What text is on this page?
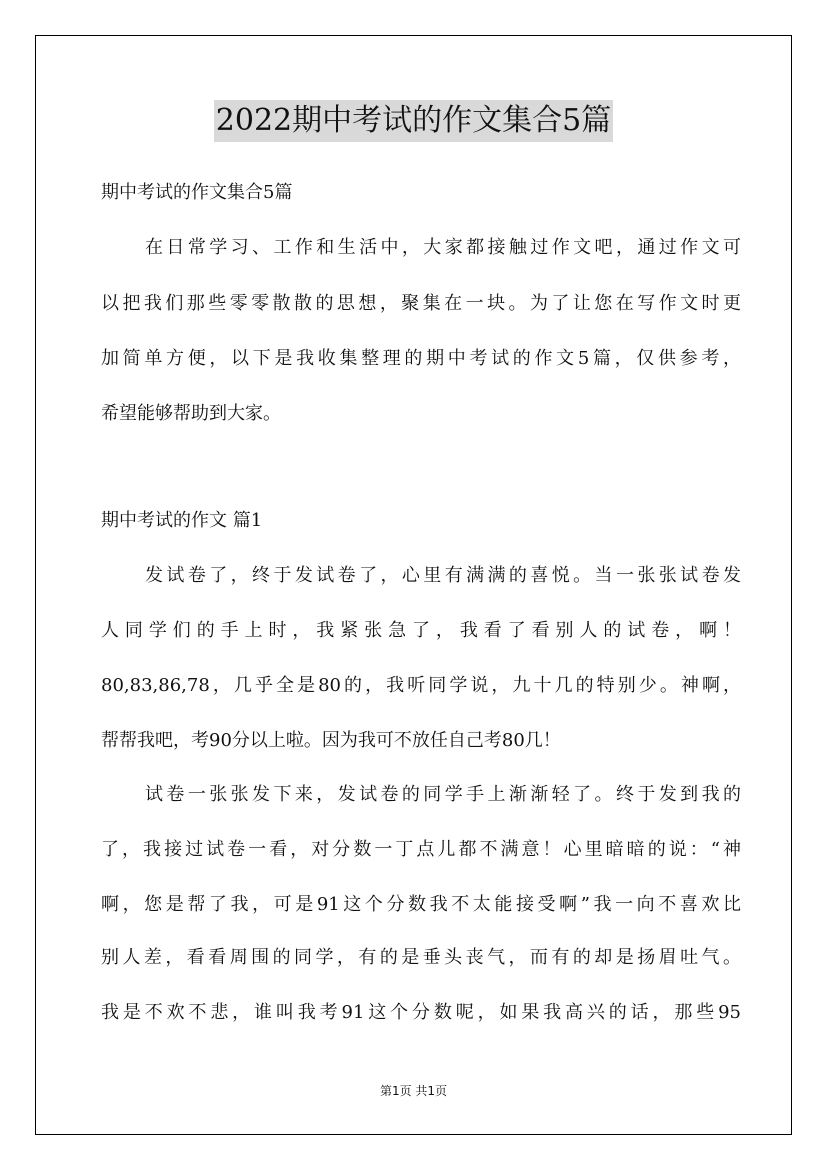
2022期中考试的作文集合5篇
期中考试的作文集合5篇
在日常学习、工作和生活中，大家都接触过作文吧，通过作文可
以把我们那些零零散散的思想，聚集在一块。为了让您在写作文时更
加简单方便，以下是我收集整理的期中考试的作文5篇，仅供参考，
希望能够帮助到大家。
期中考试的作文 篇1
发试卷了，终于发试卷了，心里有满满的喜悦。当一张张试卷发
人同学们的手上时，我紧张急了，我看了看别人的试卷，啊！
80,83,86,78，几乎全是80的，我听同学说，九十几的特别少。神啊，
帮帮我吧，考90分以上啦。因为我可不放任自己考80几！
试卷一张张发下来，发试卷的同学手上渐渐轻了。终于发到我的
了，我接过试卷一看，对分数一丁点儿都不满意！心里暗暗的说：“神
啊，您是帮了我，可是91这个分数我不太能接受啊”我一向不喜欢比
别人差，看看周围的同学，有的是垂头丧气，而有的却是扬眉吐气。
我是不欢不悲，谁叫我考91这个分数呢，如果我高兴的话，那些95
第1页 共1页
